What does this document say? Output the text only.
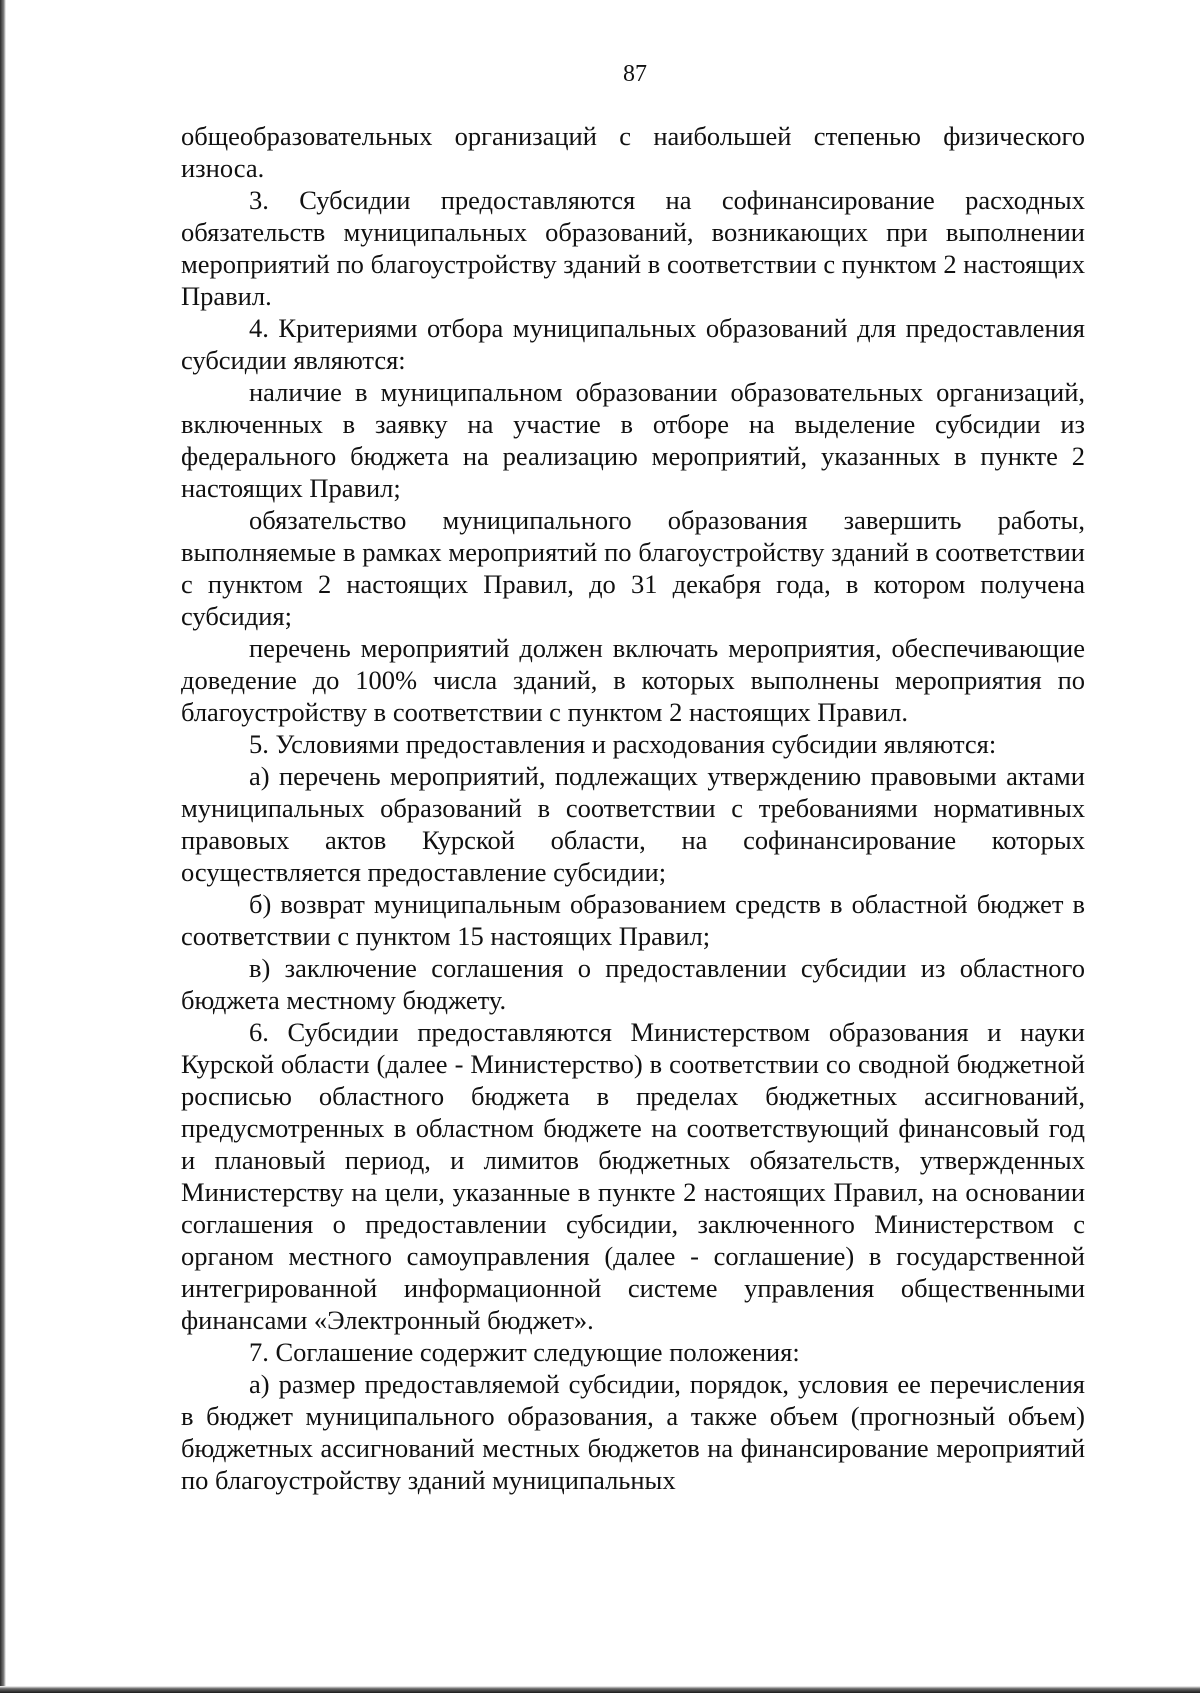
87

общеобразовательных организаций с наибольшей степенью физического износа.

3. Субсидии предоставляются на софинансирование расходных обязательств муниципальных образований, возникающих при выполнении мероприятий по благоустройству зданий в соответствии с пунктом 2 настоящих Правил.

4. Критериями отбора муниципальных образований для предоставления субсидии являются:

наличие в муниципальном образовании образовательных организаций, включенных в заявку на участие в отборе на выделение субсидии из федерального бюджета на реализацию мероприятий, указанных в пункте 2 настоящих Правил;

обязательство муниципального образования завершить работы, выполняемые в рамках мероприятий по благоустройству зданий в соответствии с пунктом 2 настоящих Правил, до 31 декабря года, в котором получена субсидия;

перечень мероприятий должен включать мероприятия, обеспечивающие доведение до 100% числа зданий, в которых выполнены мероприятия по благоустройству в соответствии с пунктом 2 настоящих Правил.

5. Условиями предоставления и расходования субсидии являются:

а) перечень мероприятий, подлежащих утверждению правовыми актами муниципальных образований в соответствии с требованиями нормативных правовых актов Курской области, на софинансирование которых осуществляется предоставление субсидии;

б) возврат муниципальным образованием средств в областной бюджет в соответствии с пунктом 15 настоящих Правил;

в) заключение соглашения о предоставлении субсидии из областного бюджета местному бюджету.

6. Субсидии предоставляются Министерством образования и науки Курской области (далее - Министерство) в соответствии со сводной бюджетной росписью областного бюджета в пределах бюджетных ассигнований, предусмотренных в областном бюджете на соответствующий финансовый год и плановый период, и лимитов бюджетных обязательств, утвержденных Министерству на цели, указанные в пункте 2 настоящих Правил, на основании соглашения о предоставлении субсидии, заключенного Министерством с органом местного самоуправления (далее - соглашение) в государственной интегрированной информационной системе управления общественными финансами «Электронный бюджет».

7. Соглашение содержит следующие положения:

а) размер предоставляемой субсидии, порядок, условия ее перечисления в бюджет муниципального образования, а также объем (прогнозный объем) бюджетных ассигнований местных бюджетов на финансирование мероприятий по благоустройству зданий муниципальных
